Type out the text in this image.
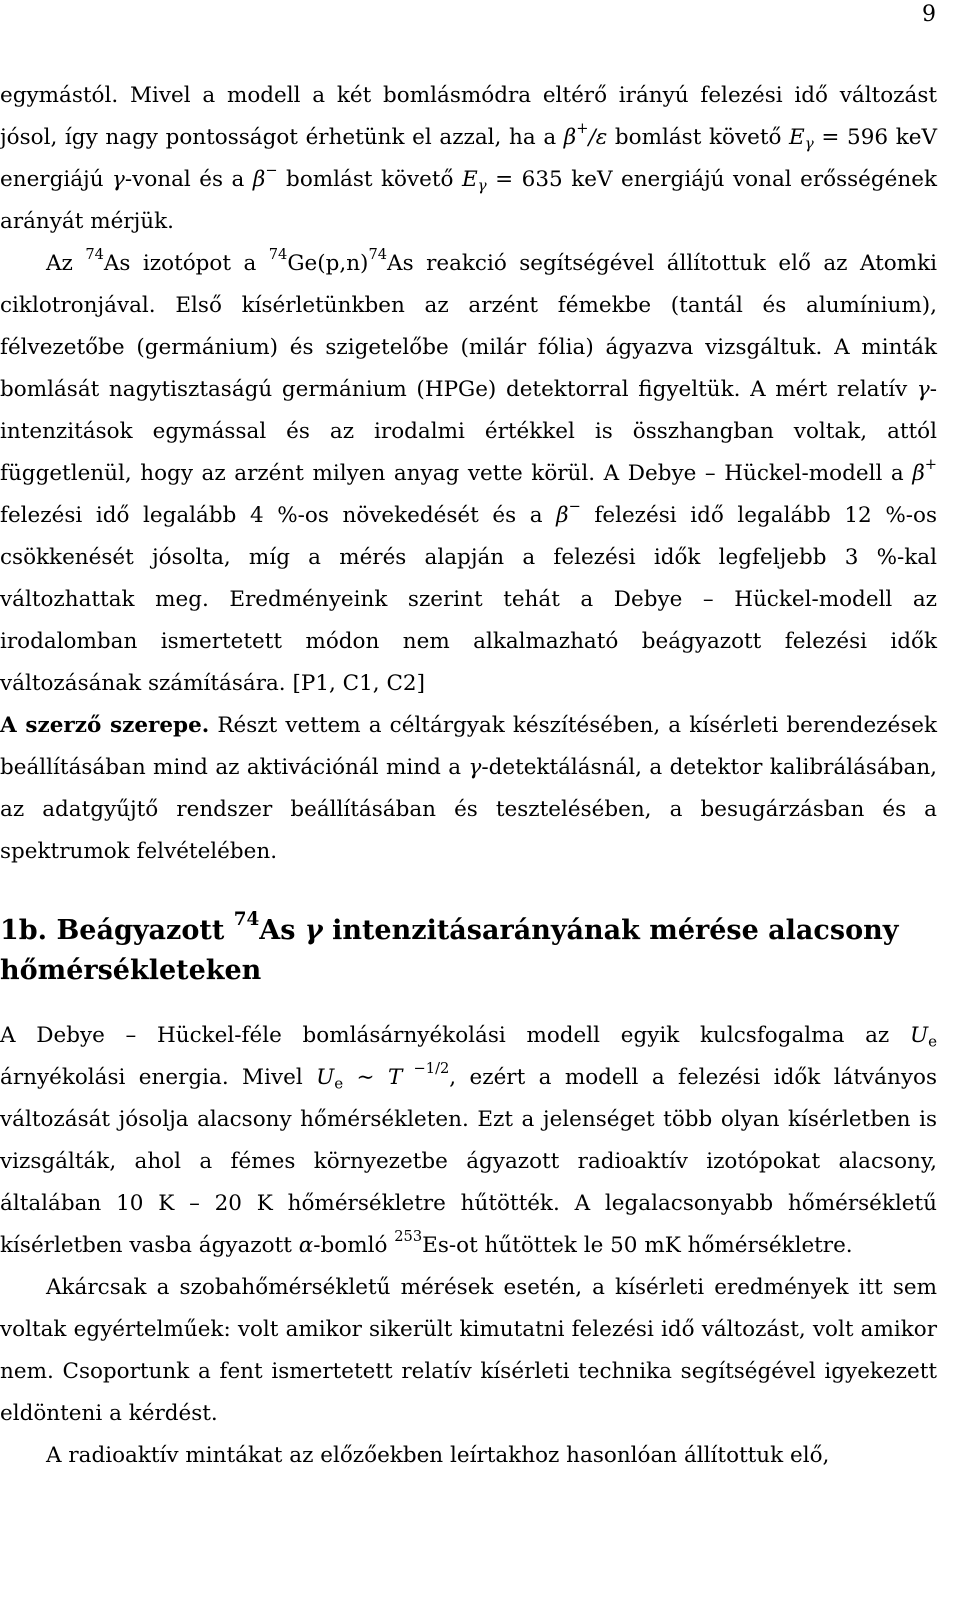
9

egymástól. Mivel a modell a két bomlásmódra eltérő irányú felezési idő változást jósol, így nagy pontosságot érhetünk el azzal, ha a β+/ε bomlást követő $E_\gamma = 596$ keV energiájú γ-vonal és a β− bomlást követő $E_\gamma = 635$ keV energiájú vonal erősségének arányát mérjük.

Az $^{74}$As izotópot a $^{74}Ge(p,n)^{74}As$ reakció segítségével állítottuk elő az Atomki ciklotronjával. Első kísérletünkben az arzént fémekbe (tantál és alumínium), félvezetőbe (germánium) és szigetelőbe (milár fólia) ágyazva vizsgáltuk. A minták bomlását nagytisztaságú germánium (HPGe) detektorral figyeltük. A mért relatív γ-intenzitások egymással és az irodalmi értékkel is összhangban voltak, attól függetlenül, hogy az arzént milyen anyag vette körül. A Debye – Hückel-modell a β+ felezési idő legalább 4 %-os növekedését és a β− felezési idő legalább 12 %-os csökkenését jósolta, míg a mérés alapján a felezési idők legfeljebb 3 %-kal változhattak meg. Eredményeink szerint tehát a Debye – Hückel-modell az irodalomban ismertetett módon nem alkalmazható beágyazott felezési idők változásának számítására. [P1, C1, C2]

A szerző szerepe. Részt vettem a céltárgyak készítésében, a kísérleti berendezések beállításában mind az aktivációnál mind a γ-detektálásnál, a detektor kalibrálásában, az adatgyűjtő rendszer beállításában és tesztelésében, a besugárzásban és a spektrumok felvételében.

1b. Beágyazott $^{74}$As γ intenzitásarányának mérése alacsony hőmérsékleteken

A Debye – Hückel-féle bomlásárnyékolási modell egyik kulcsfogalma az $U_e$ árnyékolási energia. Mivel $U_e$ ∼ T $^{-1/2}$, ezért a modell a felezési idők látványos változását jósolja alacsony hőmérsékleten. Ezt a jelenséget több olyan kísérletben is vizsgálták, ahol a fémes környezetbe ágyazott radioaktív izotópokat alacsony, általában 10 K – 20 K hőmérsékletre hűtötték. A legalacsonyabb hőmérsékletű kísérletben vasba ágyazott α-bomló $^{253}$Es-ot hűtöttek le 50 mK hőmérsékletre.

Akárcsak a szobahőmérsékletű mérések esetén, a kísérleti eredmények itt sem voltak egyértelműek: volt amikor sikerült kimutatni felezési idő változást, volt amikor nem. Csoportunk a fent ismertetett relatív kísérleti technika segítségével igyekezett eldönteni a kérdést.

A radioaktív mintákat az előzőekben leírtakhoz hasonlóan állítottuk elő,
